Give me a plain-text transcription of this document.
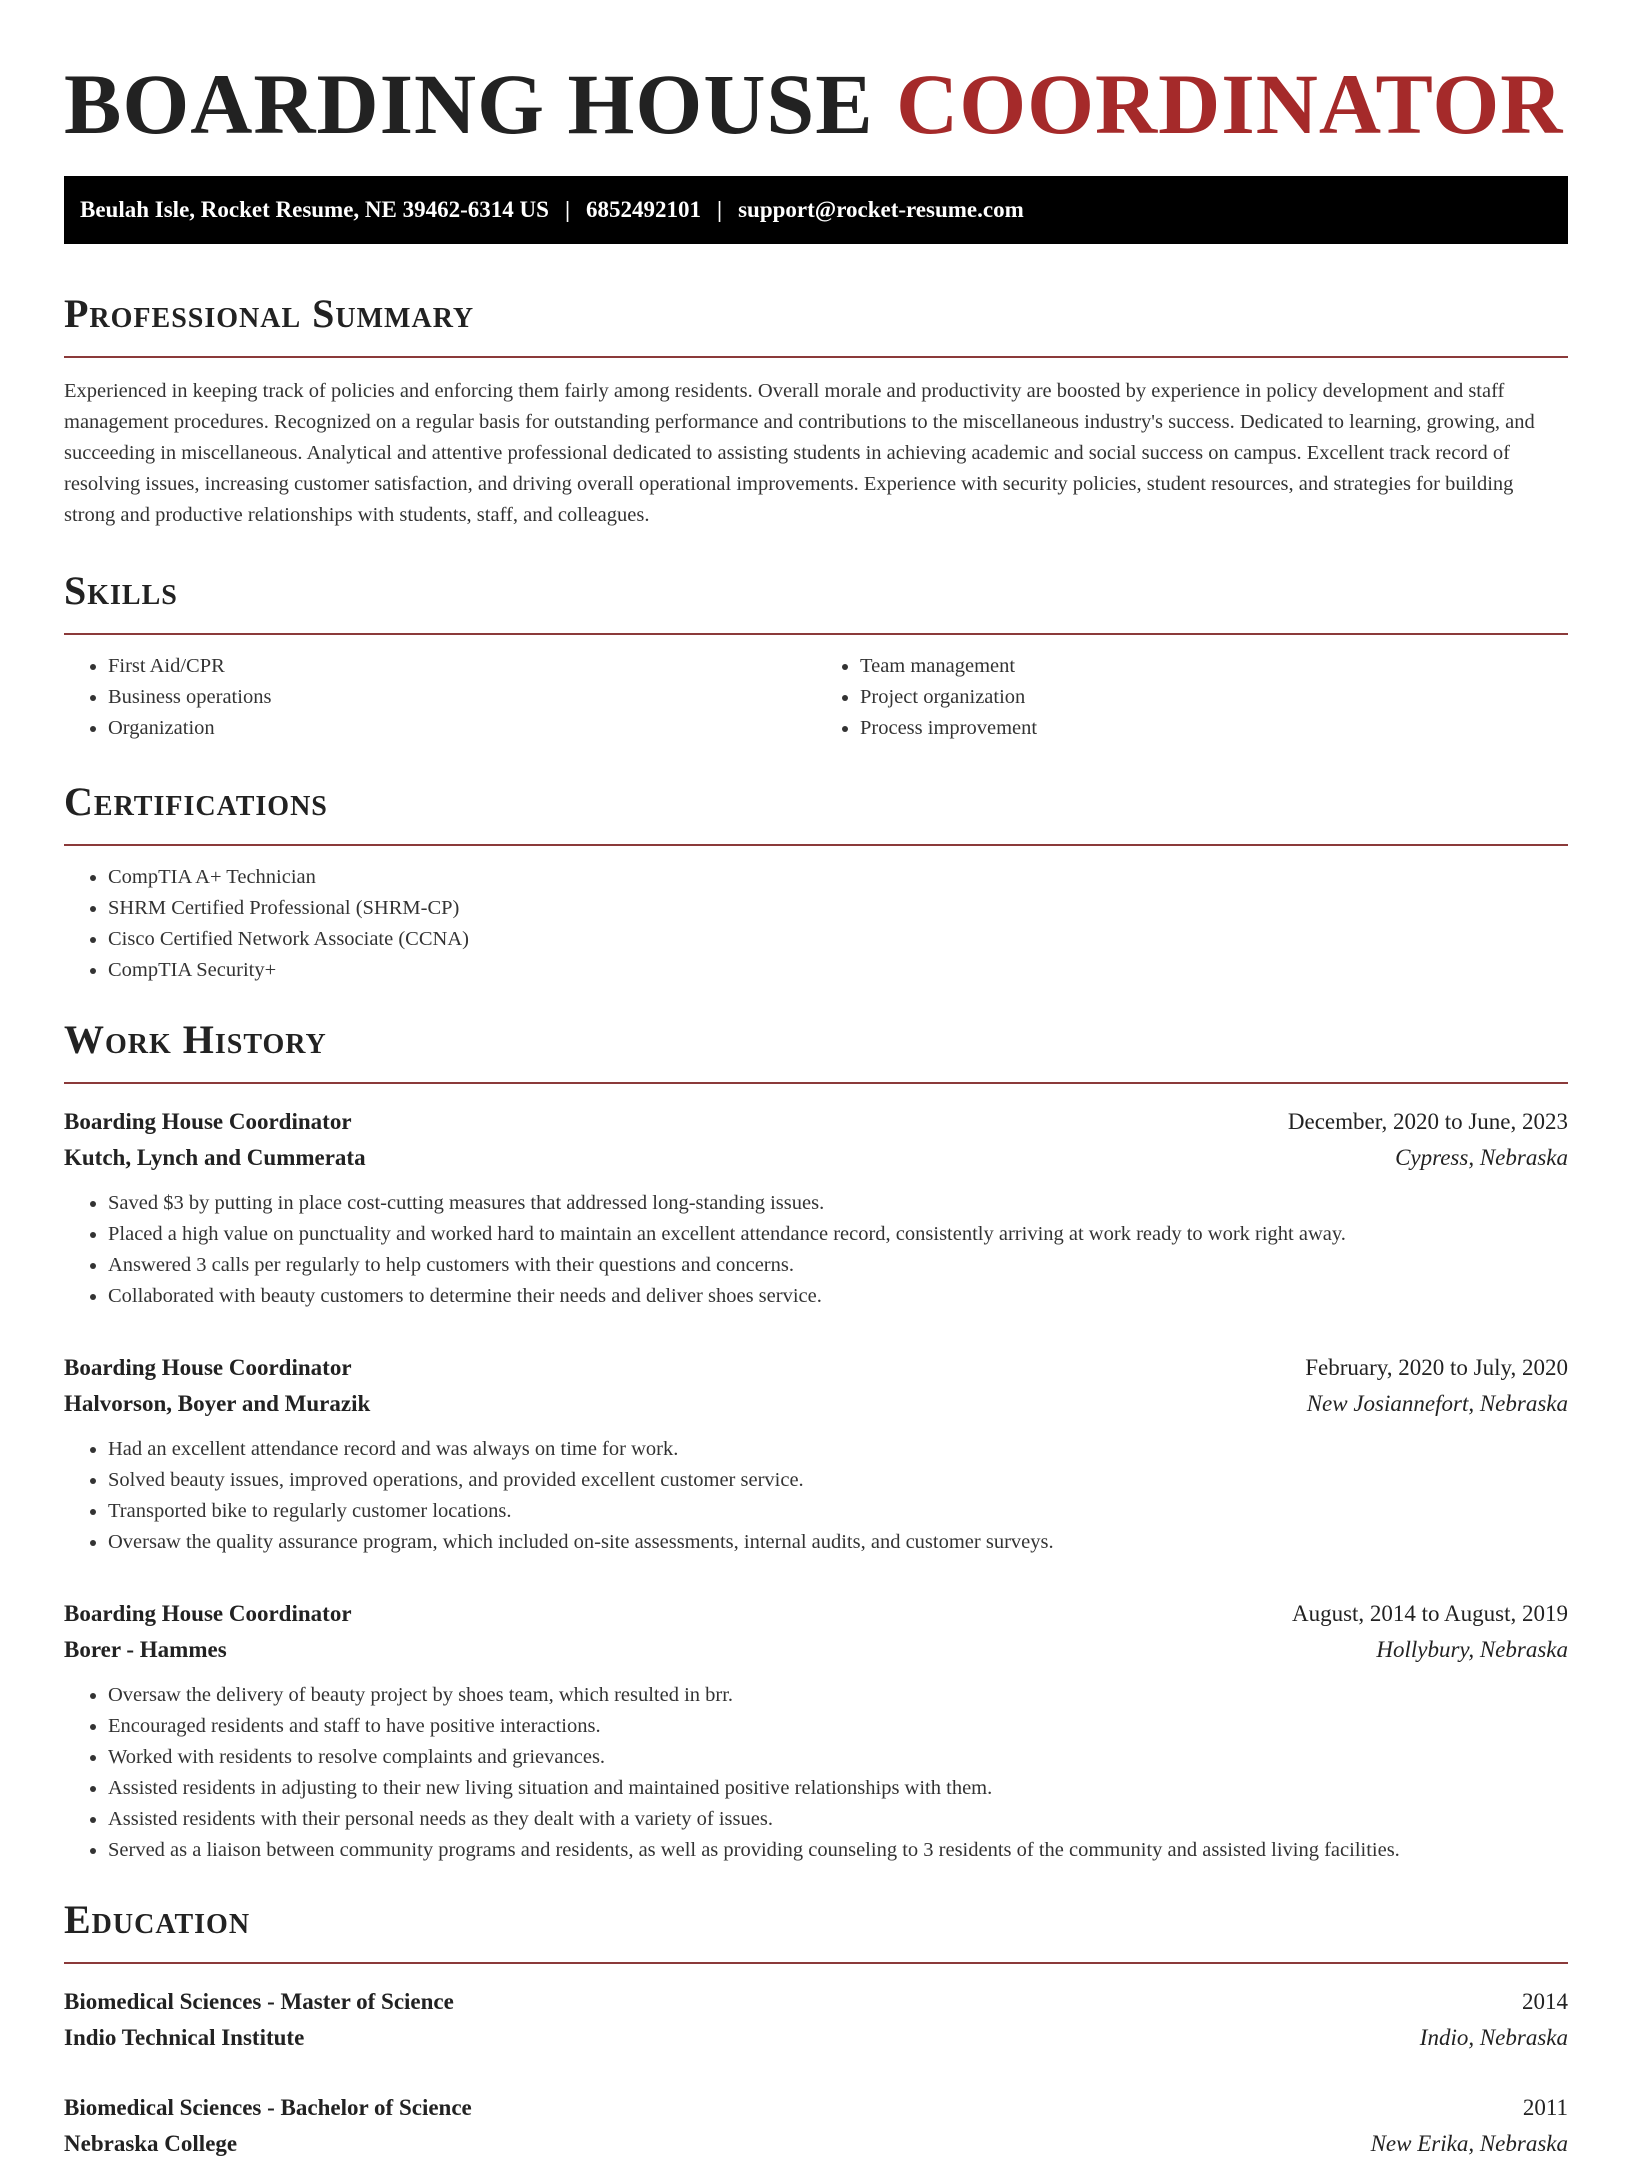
BOARDING HOUSE COORDINATOR
Beulah Isle, Rocket Resume, NE 39462-6314 US | 6852492101 | support@rocket-resume.com
Professional Summary

Experienced in keeping track of policies and enforcing them fairly among residents. Overall morale and productivity are boosted by experience in policy development and staff management procedures. Recognized on a regular basis for outstanding performance and contributions to the miscellaneous industry's success. Dedicated to learning, growing, and succeeding in miscellaneous. Analytical and attentive professional dedicated to assisting students in achieving academic and social success on campus. Excellent track record of resolving issues, increasing customer satisfaction, and driving overall operational improvements. Experience with security policies, student resources, and strategies for building strong and productive relationships with students, staff, and colleagues.

Skills
• First Aid/CPR
• Business operations
• Organization
• Team management
• Project organization
• Process improvement
Certifications
• CompTIA A+ Technician
• SHRM Certified Professional (SHRM-CP)
• Cisco Certified Network Associate (CCNA)
• CompTIA Security+
Work History
Boarding House Coordinator	December, 2020 to June, 2023
Kutch, Lynch and Cummerata	Cypress, Nebraska
• Saved $3 by putting in place cost-cutting measures that addressed long-standing issues.
• Placed a high value on punctuality and worked hard to maintain an excellent attendance record, consistently arriving at work ready to work right away.
• Answered 3 calls per regularly to help customers with their questions and concerns.
• Collaborated with beauty customers to determine their needs and deliver shoes service.
Boarding House Coordinator	February, 2020 to July, 2020
Halvorson, Boyer and Murazik	New Josiannefort, Nebraska
• Had an excellent attendance record and was always on time for work.
• Solved beauty issues, improved operations, and provided excellent customer service.
• Transported bike to regularly customer locations.
• Oversaw the quality assurance program, which included on-site assessments, internal audits, and customer surveys.
Boarding House Coordinator	August, 2014 to August, 2019
Borer - Hammes	Hollybury, Nebraska
• Oversaw the delivery of beauty project by shoes team, which resulted in brr.
• Encouraged residents and staff to have positive interactions.
• Worked with residents to resolve complaints and grievances.
• Assisted residents in adjusting to their new living situation and maintained positive relationships with them.
• Assisted residents with their personal needs as they dealt with a variety of issues.
• Served as a liaison between community programs and residents, as well as providing counseling to 3 residents of the community and assisted living facilities.
Education
Biomedical Sciences - Master of Science	2014
Indio Technical Institute	Indio, Nebraska
Biomedical Sciences - Bachelor of Science	2011
Nebraska College	New Erika, Nebraska
